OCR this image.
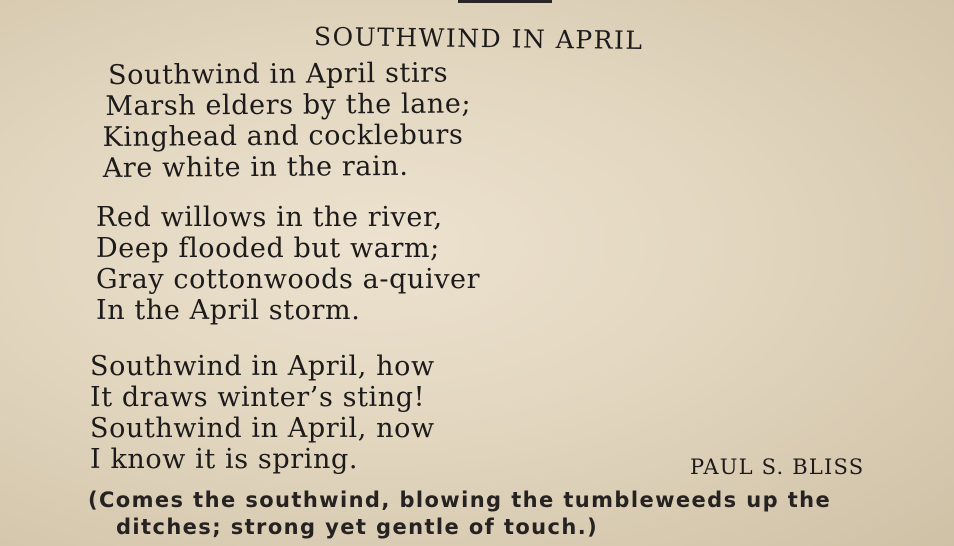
SOUTHWIND IN APRIL
Southwind in April stirs
Marsh elders by the lane;
Kinghead and cockleburs
Are white in the rain.
Red willows in the river,
Deep flooded but warm;
Gray cottonwoods a-quiver
In the April storm.
Southwind in April, how
It draws winter’s sting!
Southwind in April, now
I know it is spring.	PAUL S. BLISS
(Comes the southwind, blowing the tumbleweeds up the
ditches; strong yet gentle of touch.)
